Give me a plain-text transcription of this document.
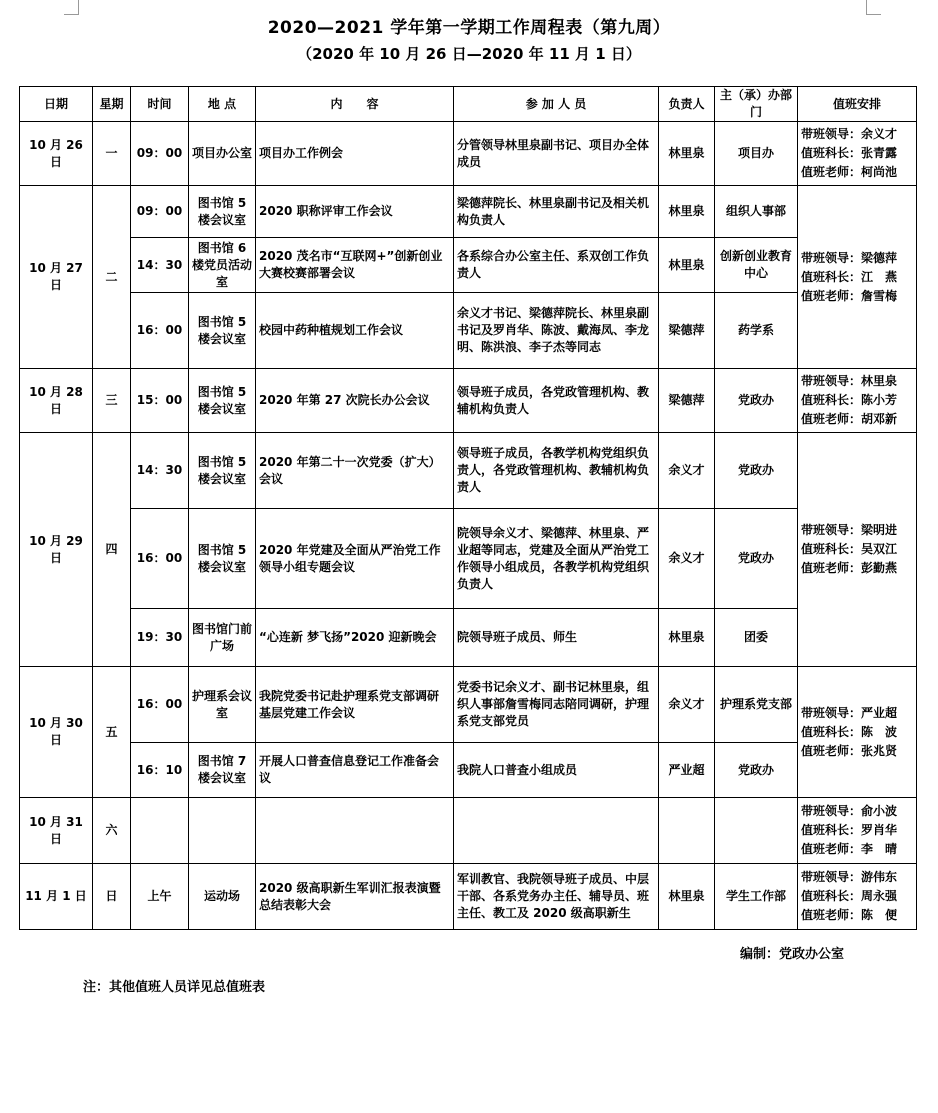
2020—2021 学年第一学期工作周程表（第九周）
（2020 年 10 月 26 日—2020 年 11 月 1 日）
日期	星期	时间	地 点	内　　容	参 加 人 员	负责人	主（承）办部 门	值班安排
10 月 26 日	一	09：00	项目办公室	项目办工作例会	分管领导林里泉副书记、项目办全体成员	林里泉	项目办	带班领导：余义才
值班科长：张青露
值班老师：柯尚池

10 月 27 日	二	09：00	图书馆 5 楼会议室	2020 职称评审工作会议	梁德萍院长、林里泉副书记及相关机构负责人	林里泉	组织人事部	带班领导：梁德萍
值班科长：江　燕
值班老师：詹雪梅

		14：30	图书馆 6 楼党员活动室	2020 茂名市“互联网+”创新创业大赛校赛部署会议	各系综合办公室主任、系双创工作负责人	林里泉	创新创业教育中心	
		16：00	图书馆 5 楼会议室	校园中药种植规划工作会议	余义才书记、梁德萍院长、林里泉副书记及罗肖华、陈波、戴海凤、李龙明、陈洪浪、李子杰等同志	梁德萍	药学系	
10 月 28 日	三	15：00	图书馆 5 楼会议室	2020 年第 27 次院长办公会议	领导班子成员，各党政管理机构、教辅机构负责人	梁德萍	党政办	带班领导：林里泉
值班科长：陈小芳
值班老师：胡邓新

10 月 29 日	四	14：30	图书馆 5 楼会议室	2020 年第二十一次党委（扩大）会议	领导班子成员，各教学机构党组织负责人，各党政管理机构、教辅机构负责人	余义才	党政办	带班领导：梁明进
值班科长：吴双江
值班老师：彭勤燕

		16：00	图书馆 5 楼会议室	2020 年党建及全面从严治党工作领导小组专题会议	院领导余义才、梁德萍、林里泉、严业超等同志，党建及全面从严治党工作领导小组成员，各教学机构党组织负责人	余义才	党政办	
		19：30	图书馆门前广场	“心连新 梦飞扬”2020 迎新晚会	院领导班子成员、师生	林里泉	团委	
10 月 30 日	五	16：00	护理系会议室	我院党委书记赴护理系党支部调研基层党建工作会议	党委书记余义才、副书记林里泉，组织人事部詹雪梅同志陪同调研，护理系党支部党员	余义才	护理系党支部	带班领导：严业超
值班科长：陈　波
值班老师：张兆贤

		16：10	图书馆 7 楼会议室	开展人口普查信息登记工作准备会议	我院人口普查小组成员	严业超	党政办	
10 月 31 日	六							带班领导：俞小波
值班科长：罗肖华
值班老师：李　晴

11 月 1 日	日	上午	运动场	2020 级高职新生军训汇报表演暨总结表彰大会	军训教官、我院领导班子成员、中层干部、各系党务办主任、辅导员、班主任、教工及 2020 级高职新生	林里泉	学生工作部	带班领导：游伟东
值班科长：周永强
值班老师：陈　便
编制：党政办公室
注：其他值班人员详见总值班表
